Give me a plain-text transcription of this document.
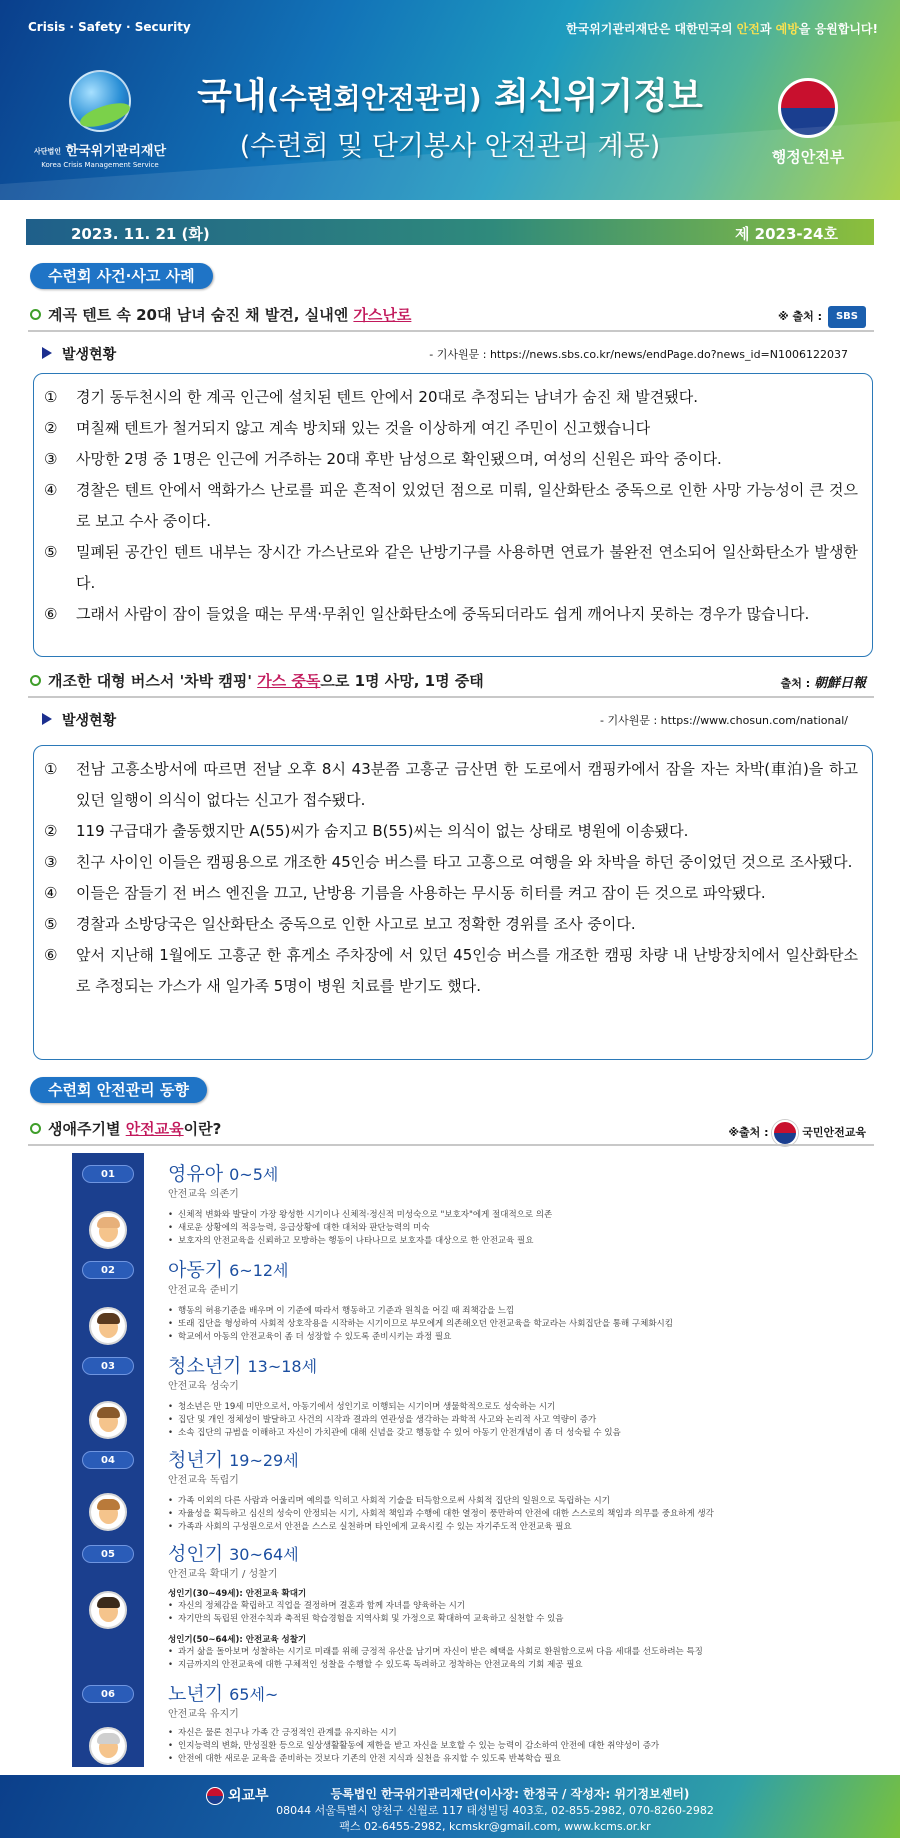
Crisis · Safety · Security	한국위기관리재단은 대한민국의 안전과 예방을 응원합니다!
사단법인 한국위기관리재단
Korea Crisis Management Service
국내(수련회안전관리) 최신위기정보
(수련회 및 단기봉사 안전관리 계몽)	행정안전부
2023. 11. 21 (화)	제 2023-24호
수련회 사건·사고 사례
계곡 텐트 속 20대 남녀 숨진 채 발견, 실내엔 가스난로	※ 출처 : SBS NEWS
발생현황	- 기사원문 : https://news.sbs.co.kr/news/endPage.do?news_id=N1006122037
①	경기 동두천시의 한 계곡 인근에 설치된 텐트 안에서 20대로 추정되는 남녀가 숨진 채 발견됐다.
②	며칠째 텐트가 철거되지 않고 계속 방치돼 있는 것을 이상하게 여긴 주민이 신고했습니다
③	사망한 2명 중 1명은 인근에 거주하는 20대 후반 남성으로 확인됐으며, 여성의 신원은 파악 중이다.
④	경찰은 텐트 안에서 액화가스 난로를 피운 흔적이 있었던 점으로 미뤄, 일산화탄소 중독으로 인한 사망 가능성이 큰 것으로 보고 수사 중이다.
⑤	밀폐된 공간인 텐트 내부는 장시간 가스난로와 같은 난방기구를 사용하면 연료가 불완전 연소되어 일산화탄소가 발생한다.
⑥	그래서 사람이 잠이 들었을 때는 무색·무취인 일산화탄소에 중독되더라도 쉽게 깨어나지 못하는 경우가 많습니다.
개조한 대형 버스서 '차박 캠핑' 가스 중독으로 1명 사망, 1명 중태	출처 : 朝鮮日報
발생현황	- 기사원문 : https://www.chosun.com/national/
①	전남 고흥소방서에 따르면 전날 오후 8시 43분쯤 고흥군 금산면 한 도로에서 캠핑카에서 잠을 자는 차박(車泊)을 하고 있던 일행이 의식이 없다는 신고가 접수됐다.
②	119 구급대가 출동했지만 A(55)씨가 숨지고 B(55)씨는 의식이 없는 상태로 병원에 이송됐다.
③	친구 사이인 이들은 캠핑용으로 개조한 45인승 버스를 타고 고흥으로 여행을 와 차박을 하던 중이었던 것으로 조사됐다.
④	이들은 잠들기 전 버스 엔진을 끄고, 난방용 기름을 사용하는 무시동 히터를 켜고 잠이 든 것으로 파악됐다.
⑤	경찰과 소방당국은 일산화탄소 중독으로 인한 사고로 보고 정확한 경위를 조사 중이다.
⑥	앞서 지난해 1월에도 고흥군 한 휴게소 주차장에 서 있던 45인승 버스를 개조한 캠핑 차량 내 난방장치에서 일산화탄소로 추정되는 가스가 새 일가족 5명이 병원 치료를 받기도 했다.
수련회 안전관리 동향
생애주기별 안전교육이란?	※출처 :	국민안전교육
01	영유아 0~5세
안전교육 의존기
• 신체적 변화와 발달이 가장 왕성한 시기이나 신체적·정신적 미성숙으로 "보호자"에게 절대적으로 의존
• 새로운 상황에의 적응능력, 응급상황에 대한 대처와 판단능력의 미숙
• 보호자의 안전교육을 신뢰하고 모방하는 행동이 나타나므로 보호자를 대상으로 한 안전교육 필요
02	아동기 6~12세
안전교육 준비기
• 행동의 허용기준을 배우며 이 기준에 따라서 행동하고 기준과 원칙을 어길 때 죄책감을 느낌
• 또래 집단을 형성하여 사회적 상호작용을 시작하는 시기이므로 부모에게 의존해오던 안전교육을 학교라는 사회집단을 통해 구체화시킴
• 학교에서 아동의 안전교육이 좀 더 성장할 수 있도록 준비시키는 과정 필요
03	청소년기 13~18세
안전교육 성숙기
• 청소년은 만 19세 미만으로서, 아동기에서 성인기로 이행되는 시기이며 생물학적으로도 성숙하는 시기
• 집단 및 개인 정체성이 발달하고 사건의 시작과 결과의 연관성을 생각하는 과학적 사고와 논리적 사고 역량이 증가
• 소속 집단의 규범을 이해하고 자신이 가치관에 대해 신념을 갖고 행동할 수 있어 아동기 안전개념이 좀 더 성숙될 수 있음
04	청년기 19~29세
안전교육 독립기
• 가족 이외의 다른 사람과 어울리며 예의를 익히고 사회적 기술을 터득함으로써 사회적 집단의 일원으로 독립하는 시기
• 자율성을 획득하고 심신의 성숙이 안정되는 시기, 사회적 책임과 수행에 대한 열정이 풍만하여 안전에 대한 스스로의 책임과 의무를 중요하게 생각
• 가족과 사회의 구성원으로서 안전을 스스로 실천하며 타인에게 교육시킬 수 있는 자기주도적 안전교육 필요
05	성인기 30~64세
안전교육 확대기 / 성찰기
성인기(30~49세): 안전교육 확대기
• 자신의 정체감을 확립하고 직업을 결정하며 결혼과 함께 자녀를 양육하는 시기
• 자기만의 독립된 안전수칙과 축적된 학습경험을 지역사회 및 가정으로 확대하여 교육하고 실천할 수 있음
성인기(50~64세): 안전교육 성찰기
• 과거 삶을 돌아보며 성찰하는 시기로 미래를 위해 긍정적 유산을 남기며 자신이 받은 혜택을 사회로 환원함으로써 다음 세대를 선도하려는 특징
• 지금까지의 안전교육에 대한 구체적인 성찰을 수행할 수 있도록 독려하고 정착하는 안전교육의 기회 제공 필요
06	노년기 65세~
안전교육 유지기
• 자신은 물론 친구나 가족 간 긍정적인 관계를 유지하는 시기
• 인지능력의 변화, 만성질환 등으로 일상생활활동에 제한을 받고 자신을 보호할 수 있는 능력이 감소하여 안전에 대한 취약성이 증가
• 안전에 대한 새로운 교육을 준비하는 것보다 기존의 안전 지식과 실천을 유지할 수 있도록 반복학습 필요
외교부	등록법인 한국위기관리재단(이사장: 한정국 / 작성자: 위기정보센터)
08044 서울특별시 양천구 신월로 117 태성빌딩 403호, 02-855-2982, 070-8260-2982
팩스 02-6455-2982, kcmskr@gmail.com, www.kcms.or.kr
